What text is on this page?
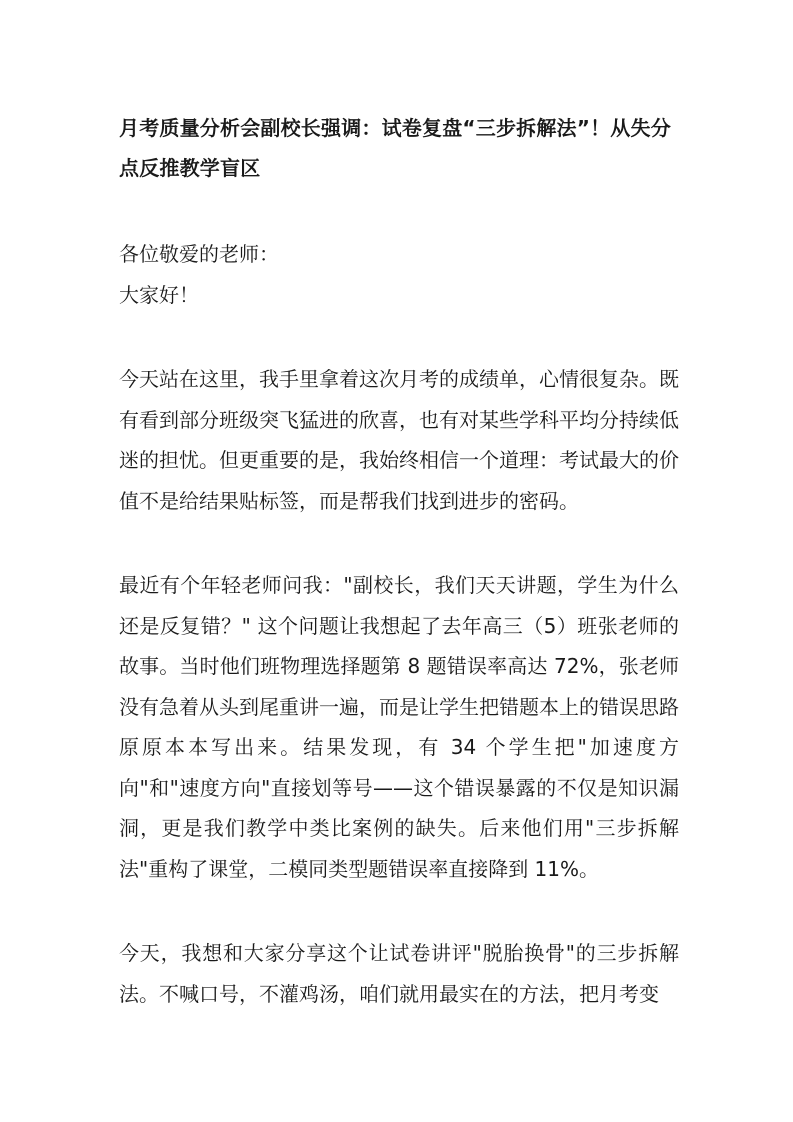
月考质量分析会副校长强调：试卷复盘“三步拆解法”！从失分点反推教学盲区

各位敬爱的老师：

大家好！

今天站在这里，我手里拿着这次月考的成绩单，心情很复杂。既有看到部分班级突飞猛进的欣喜，也有对某些学科平均分持续低迷的担忧。但更重要的是，我始终相信一个道理：考试最大的价值不是给结果贴标签，而是帮我们找到进步的密码。

最近有个年轻老师问我："副校长，我们天天讲题，学生为什么还是反复错？" 这个问题让我想起了去年高三（5）班张老师的故事。当时他们班物理选择题第 8 题错误率高达 72%，张老师没有急着从头到尾重讲一遍，而是让学生把错题本上的错误思路原原本本写出来。结果发现，有 34 个学生把"加速度方向"和"速度方向"直接划等号——这个错误暴露的不仅是知识漏洞，更是我们教学中类比案例的缺失。后来他们用"三步拆解法"重构了课堂，二模同类型题错误率直接降到 11%。

今天，我想和大家分享这个让试卷讲评"脱胎换骨"的三步拆解法。不喊口号，不灌鸡汤，咱们就用最实在的方法，把月考变
